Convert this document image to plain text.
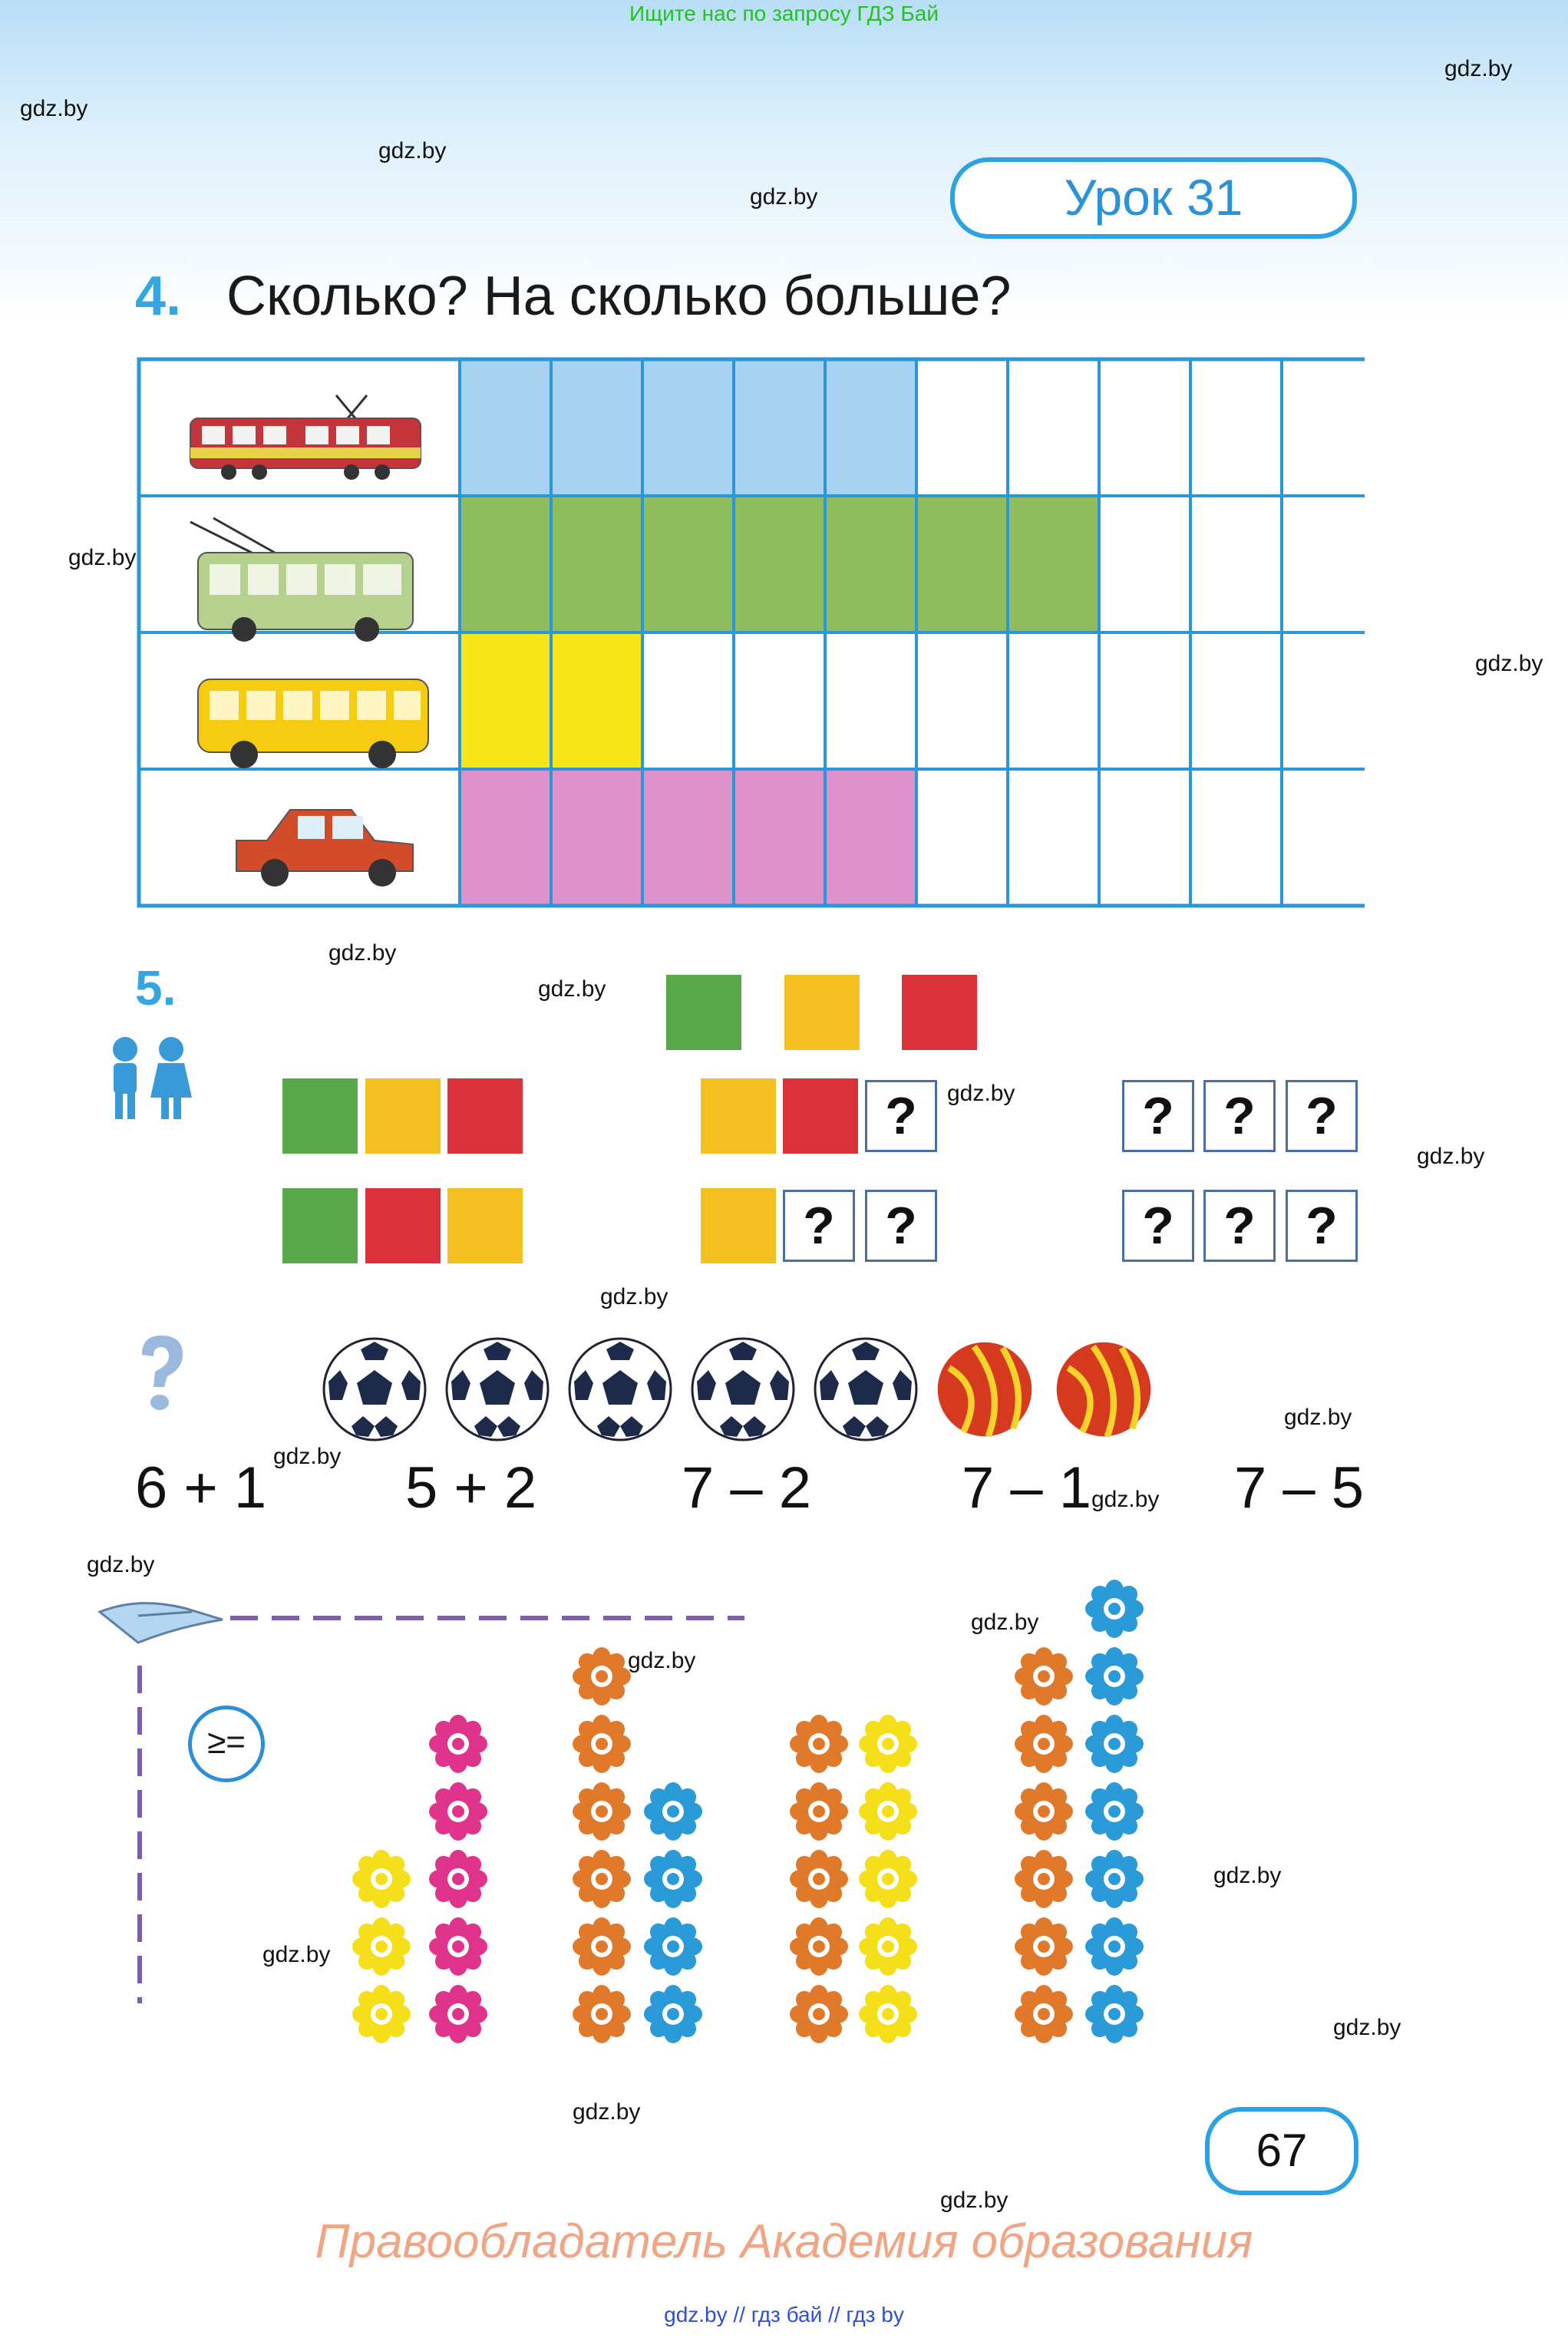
Ищите нас по запросу ГДЗ Бай
gdz.by
gdz.by
gdz.by
gdz.by
gdz.by
gdz.by
gdz.by
gdz.by
gdz.by
gdz.by
gdz.by
gdz.by
gdz.by
gdz.by
gdz.by
gdz.by
gdz.by
gdz.by
gdz.by
gdz.by
gdz.by
gdz.by
Урок 31
4. Сколько? На сколько больше?
5.
?
? ?
? ? ?
? ? ?
6 + 1 5 + 2 7 – 2	7 – 1 7 – 5
≥=
67
Правообладатель Академия образования
gdz.by // гдз бай // гдз by
